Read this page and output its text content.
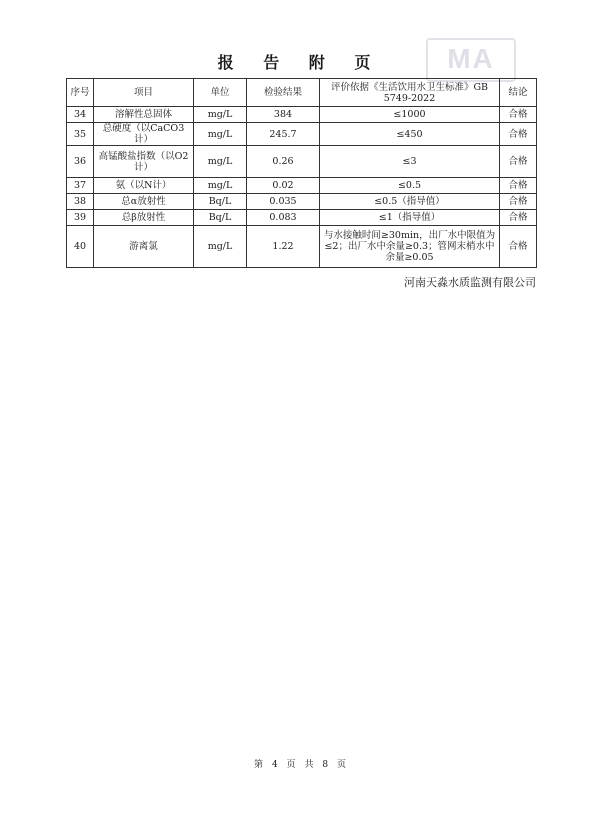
MA
报 告 附 页
序号	项目	单位	检验结果	评价依据《生活饮用水卫生标准》GB 5749-2022	结论
34	溶解性总固体	mg/L	384	≤1000	合格
35	总硬度（以CaCO3计）	mg/L	245.7	≤450	合格
36	高锰酸盐指数（以O2计）	mg/L	0.26	≤3	合格
37	氨（以N计）	mg/L	0.02	≤0.5	合格
38	总α放射性	Bq/L	0.035	≤0.5（指导值）	合格
39	总β放射性	Bq/L	0.083	≤1（指导值）	合格
40	游离氯	mg/L	1.22	与水接触时间≥30min，出厂水中限值为≤2；出厂水中余量≥0.3；管网末梢水中余量≥0.05	合格
河南天淼水质监测有限公司
第 4 页 共 8 页
